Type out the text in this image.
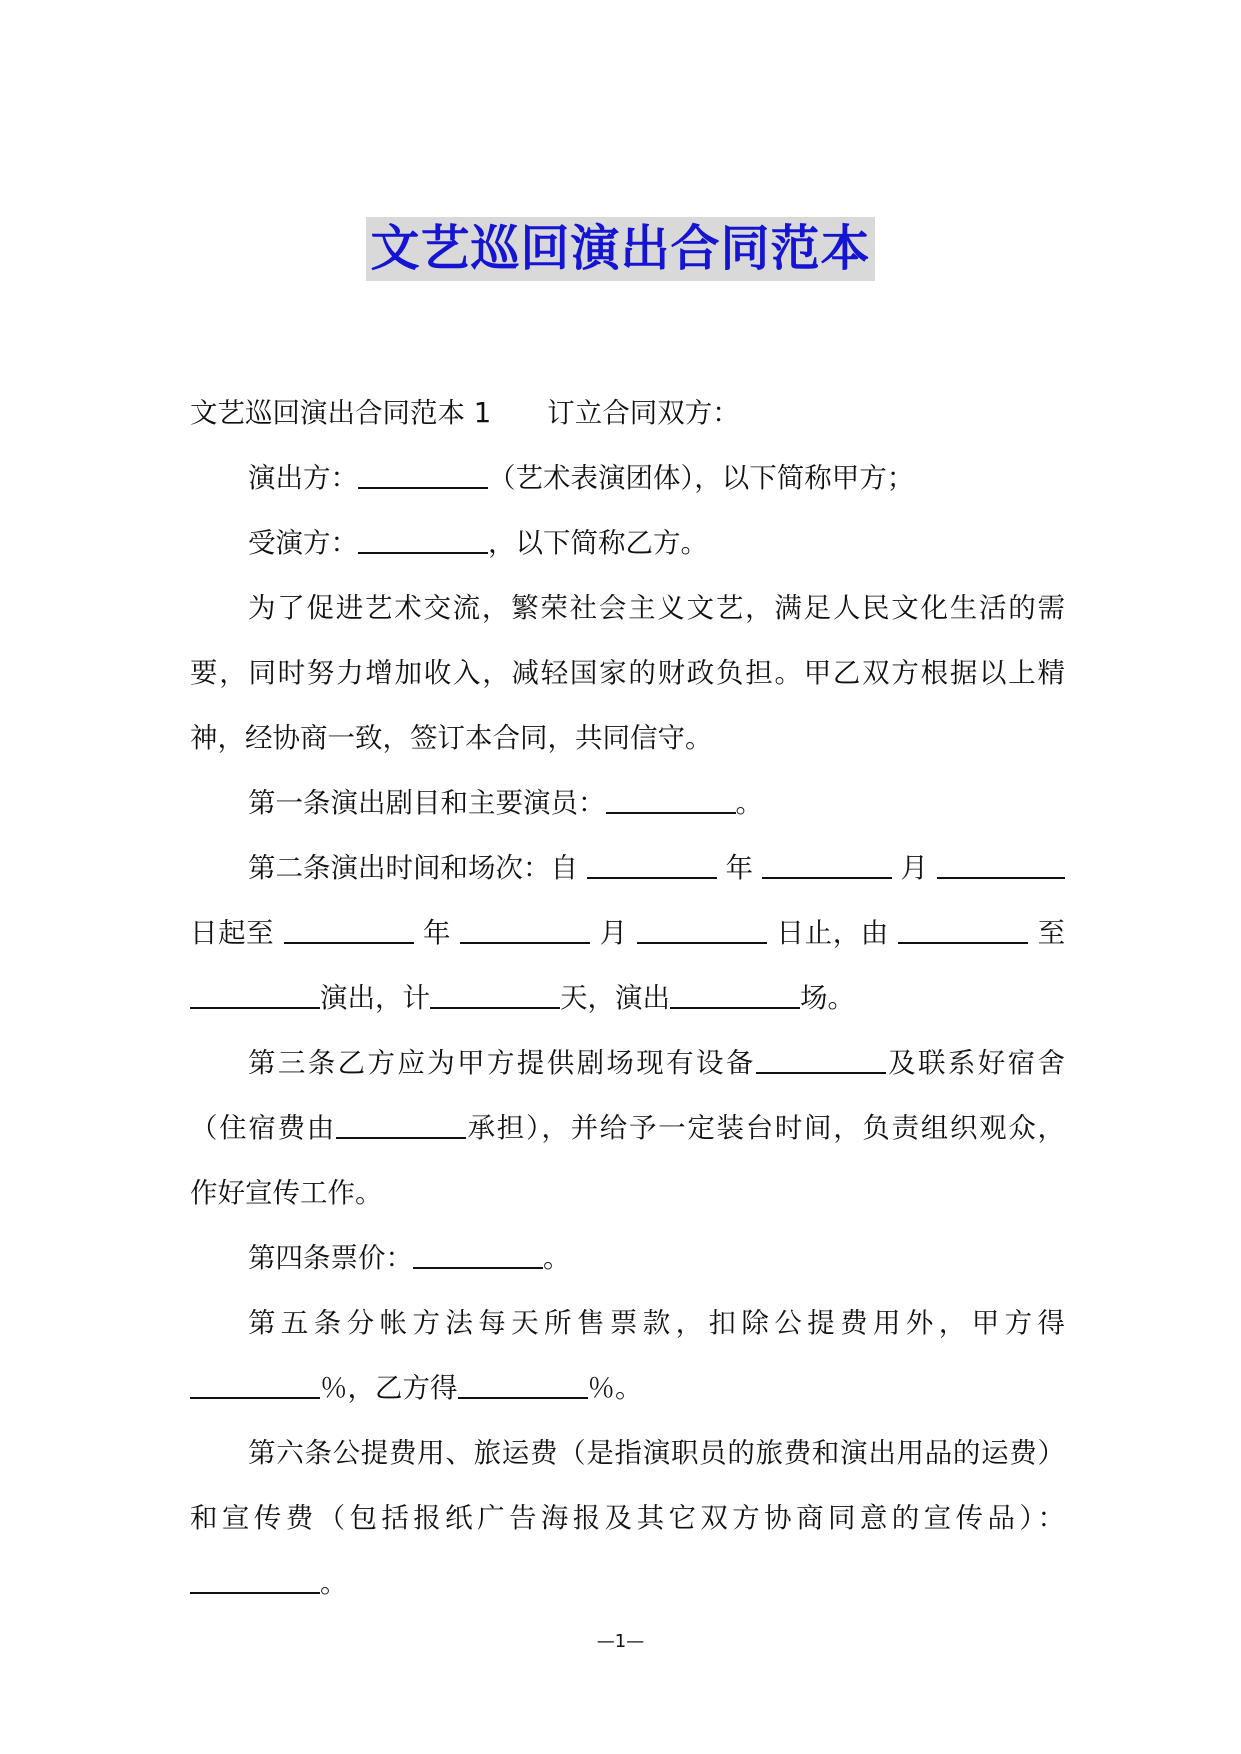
文艺巡回演出合同范本
文艺巡回演出合同范本 1 订立合同双方：
演出方：	（艺术表演团体），以下简称甲方；
受演方：	，以下简称乙方。
为了促进艺术交流，繁荣社会主义文艺，满足人民文化生活的需
要，同时努力增加收入，减轻国家的财政负担。甲乙双方根据以上精
神，经协商一致，签订本合同，共同信守。
第一条演出剧目和主要演员：	。
第二条演出时间和场次：自	年	月
日起至	年	月	日止，由	至
演出，计	天，演出	场。
第三条乙方应为甲方提供剧场现有设备	及联系好宿舍
（住宿费由	承担），并给予一定装台时间，负责组织观众，
作好宣传工作。
第四条票价：	。
第五条分帐方法每天所售票款，扣除公提费用外，甲方得
％，乙方得	％。
第六条公提费用、旅运费（是指演职员的旅费和演出用品的运费）
和宣传费（包括报纸广告海报及其它双方协商同意的宣传品）：
。
—1—
